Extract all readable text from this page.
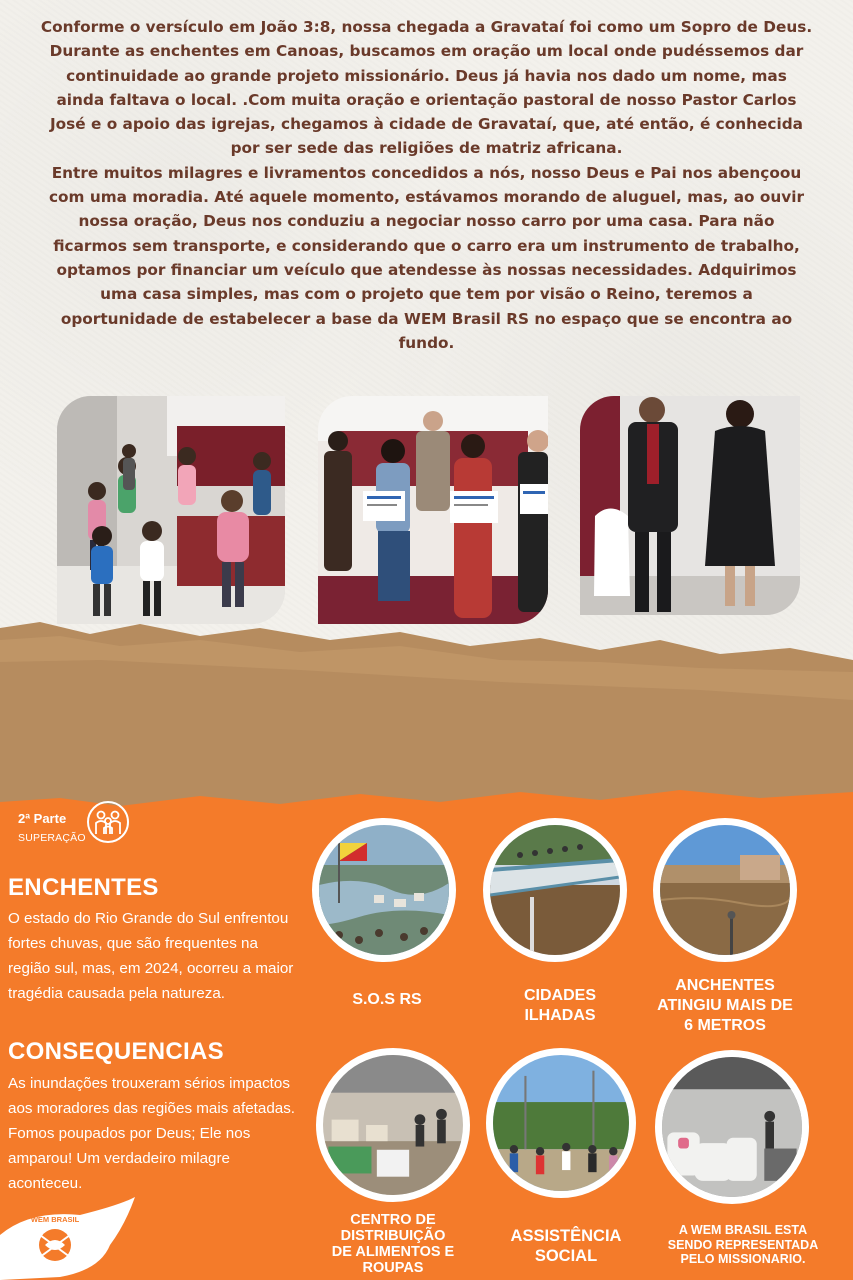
Conforme o versículo em João 3:8, nossa chegada a Gravataí foi como um Sopro de Deus. Durante as enchentes em Canoas, buscamos em oração um local onde pudéssemos dar continuidade ao grande projeto missionário. Deus já havia nos dado um nome, mas ainda faltava o local. .Com muita oração e orientação pastoral de nosso Pastor Carlos José e o apoio das igrejas, chegamos à cidade de Gravataí, que, até então, é conhecida por ser sede das religiões de matriz africana.

Entre muitos milagres e livramentos concedidos a nós, nosso Deus e Pai nos abençoou com uma moradia. Até aquele momento, estávamos morando de aluguel, mas, ao ouvir nossa oração, Deus nos conduziu a negociar nosso carro por uma casa. Para não ficarmos sem transporte, e considerando que o carro era um instrumento de trabalho, optamos por financiar um veículo que atendesse às nossas necessidades. Adquirimos uma casa simples, mas com o projeto que tem por visão o Reino, teremos a oportunidade de estabelecer a base da WEM Brasil RS no espaço que se encontra ao fundo.

2ª Parte
SUPERAÇÃO
ENCHENTES

O estado do Rio Grande do Sul enfrentou fortes chuvas, que são frequentes na região sul, mas, em 2024, ocorreu a maior tragédia causada pela natureza.

CONSEQUENCIAS

As inundações trouxeram sérios impactos aos moradores das regiões mais afetadas. Fomos poupados por Deus; Ele nos amparou! Um verdadeiro milagre aconteceu.

S.O.S RS	CIDADES
ILHADAS

ANCHENTES
ATINGIU MAIS DE
6 METROS

CENTRO DE
DISTRIBUIÇÃO
DE ALIMENTOS E
ROUPAS

ASSISTÊNCIA
SOCIAL

A WEM BRASIL ESTA
SENDO REPRESENTADA
PELO MISSIONARIO.

WEM BRASIL
